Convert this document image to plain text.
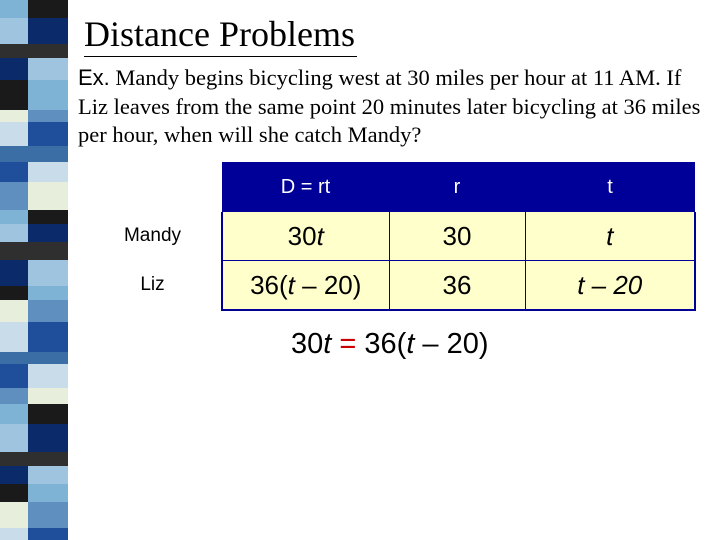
Distance Problems
Ex. Mandy begins bicycling west at 30 miles per hour at 11 AM. If Liz leaves from the same point 20 minutes later bicycling at 36 miles per hour, when will she catch Mandy?
	D = rt	r	t
Mandy	30t	30	t
Liz	36(t – 20)	36	t – 20
30t = 36(t – 20)
